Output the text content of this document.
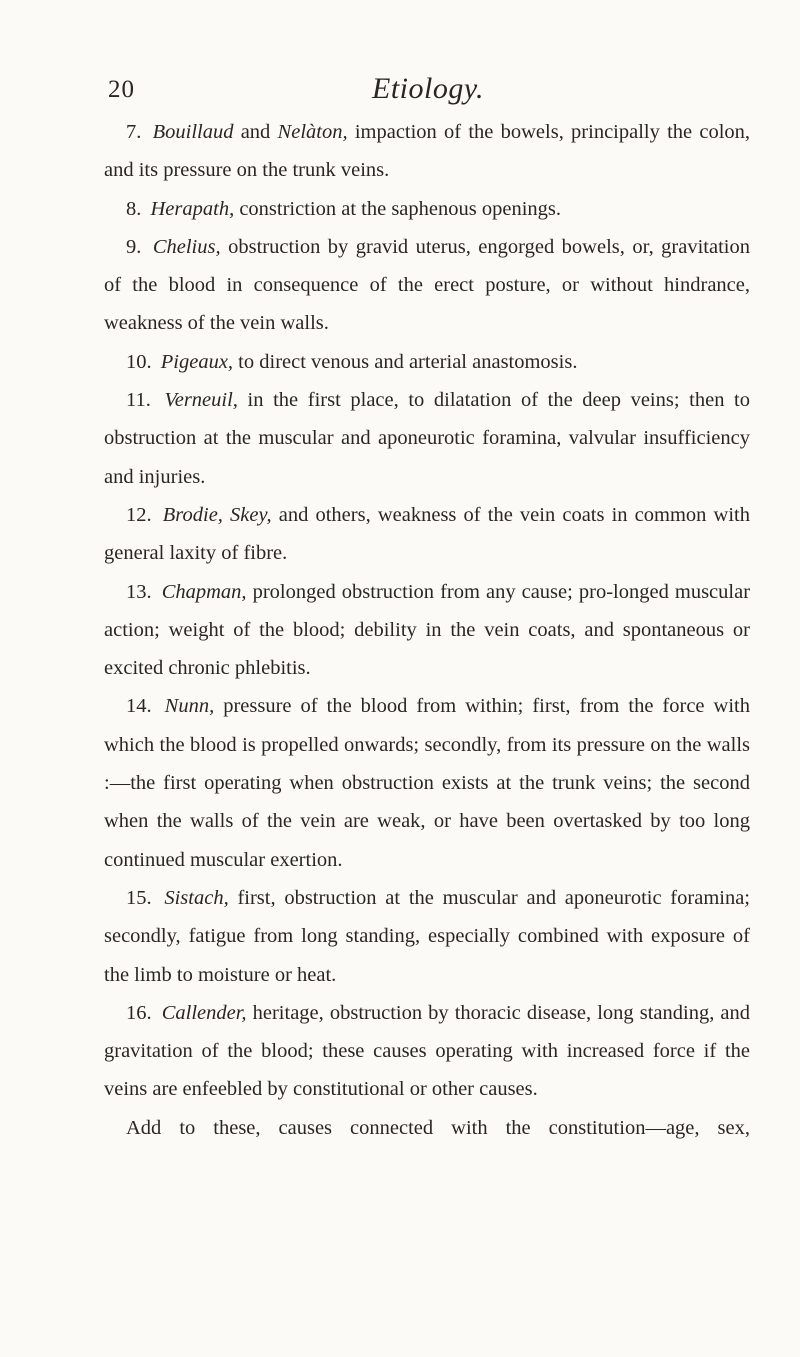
20	Etiology.

7. Bouillaud and Nelàton, impaction of the bowels, principally the colon, and its pressure on the trunk veins.

8. Herapath, constriction at the saphenous openings.

9. Chelius, obstruction by gravid uterus, engorged bowels, or, gravitation of the blood in consequence of the erect posture, or without hindrance, weakness of the vein walls.

10. Pigeaux, to direct venous and arterial anastomosis.

11. Verneuil, in the first place, to dilatation of the deep veins; then to obstruction at the muscular and aponeurotic foramina, valvular insufficiency and injuries.

12. Brodie, Skey, and others, weakness of the vein coats in common with general laxity of fibre.

13. Chapman, prolonged obstruction from any cause; pro-longed muscular action; weight of the blood; debility in the vein coats, and spontaneous or excited chronic phlebitis.

14. Nunn, pressure of the blood from within; first, from the force with which the blood is propelled onwards; secondly, from its pressure on the walls :—the first operating when obstruction exists at the trunk veins; the second when the walls of the vein are weak, or have been overtasked by too long continued muscular exertion.

15. Sistach, first, obstruction at the muscular and aponeurotic foramina; secondly, fatigue from long standing, especially combined with exposure of the limb to moisture or heat.

16. Callender, heritage, obstruction by thoracic disease, long standing, and gravitation of the blood; these causes operating with increased force if the veins are enfeebled by constitutional or other causes.

Add to these, causes connected with the constitution—age, sex,
